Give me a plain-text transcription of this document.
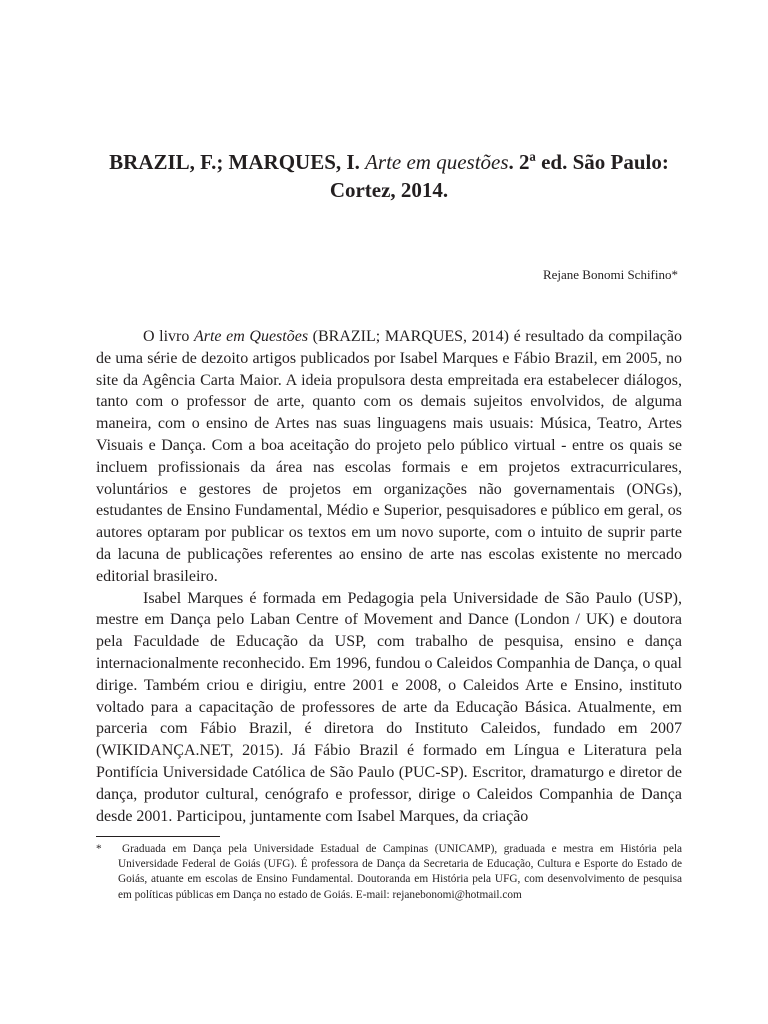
BRAZIL, F.; MARQUES, I. Arte em questões. 2ª ed. São Paulo: Cortez, 2014.
Rejane Bonomi Schifino*

O livro Arte em Questões (BRAZIL; MARQUES, 2014) é resultado da compilação de uma série de dezoito artigos publicados por Isabel Marques e Fábio Brazil, em 2005, no site da Agência Carta Maior. A ideia propulsora desta empreitada era estabelecer diálogos, tanto com o professor de arte, quanto com os demais sujeitos envolvidos, de alguma maneira, com o ensino de Artes nas suas linguagens mais usuais: Música, Teatro, Artes Visuais e Dança. Com a boa aceitação do projeto pelo público virtual - entre os quais se incluem profissionais da área nas escolas formais e em projetos extracurriculares, voluntários e gestores de projetos em organizações não governamentais (ONGs), estudantes de Ensino Fundamental, Médio e Superior, pesquisadores e público em geral, os autores optaram por publicar os textos em um novo suporte, com o intuito de suprir parte da lacuna de publicações referentes ao ensino de arte nas escolas existente no mercado editorial brasileiro.

Isabel Marques é formada em Pedagogia pela Universidade de São Paulo (USP), mestre em Dança pelo Laban Centre of Movement and Dance (London / UK) e doutora pela Faculdade de Educação da USP, com trabalho de pesquisa, ensino e dança internacionalmente reconhecido. Em 1996, fundou o Caleidos Companhia de Dança, o qual dirige. Também criou e dirigiu, entre 2001 e 2008, o Caleidos Arte e Ensino, instituto voltado para a capacitação de professores de arte da Educação Básica. Atualmente, em parceria com Fábio Brazil, é diretora do Instituto Caleidos, fundado em 2007 (WIKIDANÇA.NET, 2015). Já Fábio Brazil é formado em Língua e Literatura pela Pontifícia Universidade Católica de São Paulo (PUC-SP). Escritor, dramaturgo e diretor de dança, produtor cultural, cenógrafo e professor, dirige o Caleidos Companhia de Dança desde 2001. Participou, juntamente com Isabel Marques, da criação

*	Graduada em Dança pela Universidade Estadual de Campinas (UNICAMP), graduada e mestra em História pela Universidade Federal de Goiás (UFG). É professora de Dança da Secretaria de Educação, Cultura e Esporte do Estado de Goiás, atuante em escolas de Ensino Fundamental. Doutoranda em História pela UFG, com desenvolvimento de pesquisa em políticas públicas em Dança no estado de Goiás. E-mail: rejanebonomi@hotmail.com
